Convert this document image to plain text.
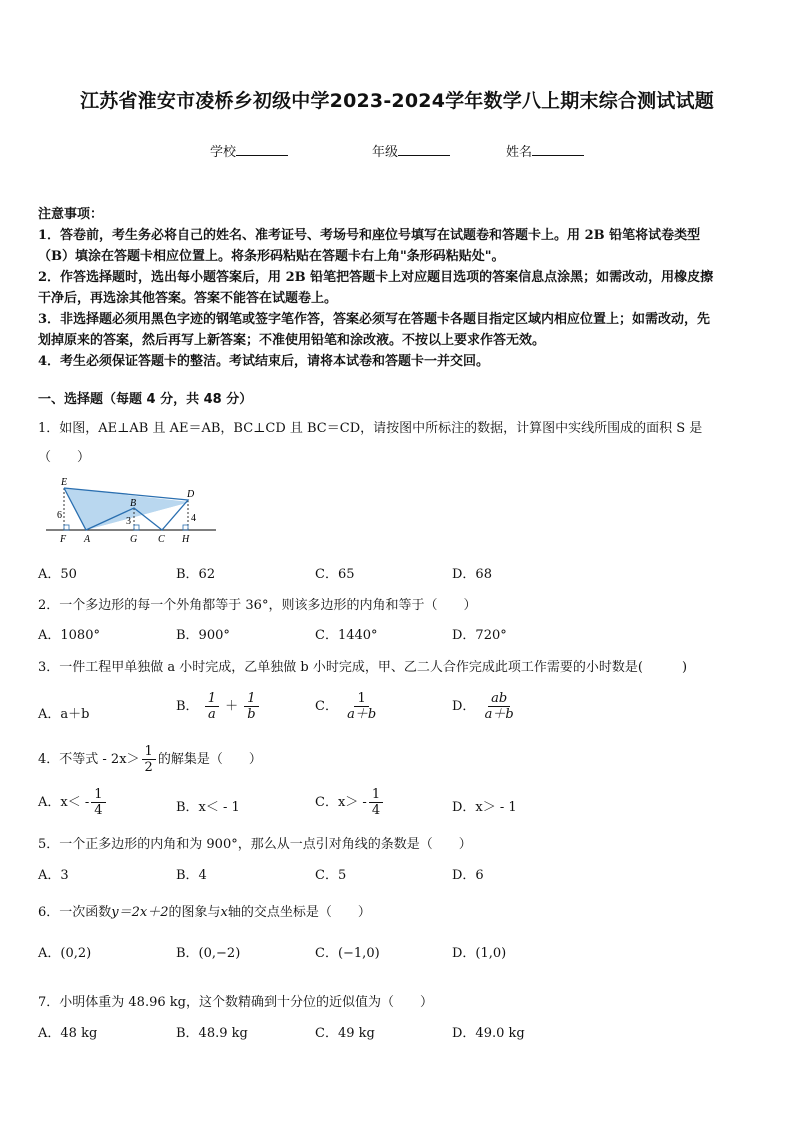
江苏省淮安市凌桥乡初级中学2023-2024学年数学八上期末综合测试试题
学校	年级	姓名
注意事项：
1．答卷前，考生务必将自己的姓名、准考证号、考场号和座位号填写在试题卷和答题卡上。用 2B 铅笔将试卷类型
（B）填涂在答题卡相应位置上。将条形码粘贴在答题卡右上角"条形码粘贴处"。
2．作答选择题时，选出每小题答案后，用 2B 铅笔把答题卡上对应题目选项的答案信息点涂黑；如需改动，用橡皮擦
干净后，再选涂其他答案。答案不能答在试题卷上。
3．非选择题必须用黑色字迹的钢笔或签字笔作答，答案必须写在答题卡各题目指定区域内相应位置上；如需改动，先
划掉原来的答案，然后再写上新答案；不准使用铅笔和涂改液。不按以上要求作答无效。
4．考生必须保证答题卡的整洁。考试结束后，请将本试卷和答题卡一并交回。
一、选择题（每题 4 分，共 48 分）
1．如图，AE⊥AB 且 AE＝AB，BC⊥CD 且 BC＝CD，请按图中所标注的数据，计算图中实线所围成的面积 S 是
（　　）
E
D
B
F A	G C H
6
3	4
A．50	B．62	C．65	D．68
2．一个多边形的每一个外角都等于 36°，则该多边形的内角和等于（　　）
A．1080°	B．900°	C．1440°	D．720°
3．一件工程甲单独做 a 小时完成，乙单独做 b 小时完成，甲、乙二人合作完成此项工作需要的小时数是(　　　)
A．a＋b
B． $\frac{1}{a} + \frac{1}{b}$	C． $\frac{1}{a+b}$	D． $\frac{ab}{a+b}$
4．不等式 - $2x> \frac{1}{2}$ 的解集是（　　）
A．$x< - \frac{1}{4}$	B．x＜ - 1	C．$x> - \frac{1}{4}$	D．x＞ - 1
5．一个正多边形的内角和为 900°，那么从一点引对角线的条数是（　　）
A．3	B．4	C．5	D．6
6．一次函数y＝2x＋2的图象与x轴的交点坐标是（　　）
A．(0,2)	B．(0,−2)	C．(−1,0)	D．(1,0)
7．小明体重为 48.96 kg，这个数精确到十分位的近似值为（　　）
A．48 kg	B．48.9 kg	C．49 kg	D．49.0 kg
